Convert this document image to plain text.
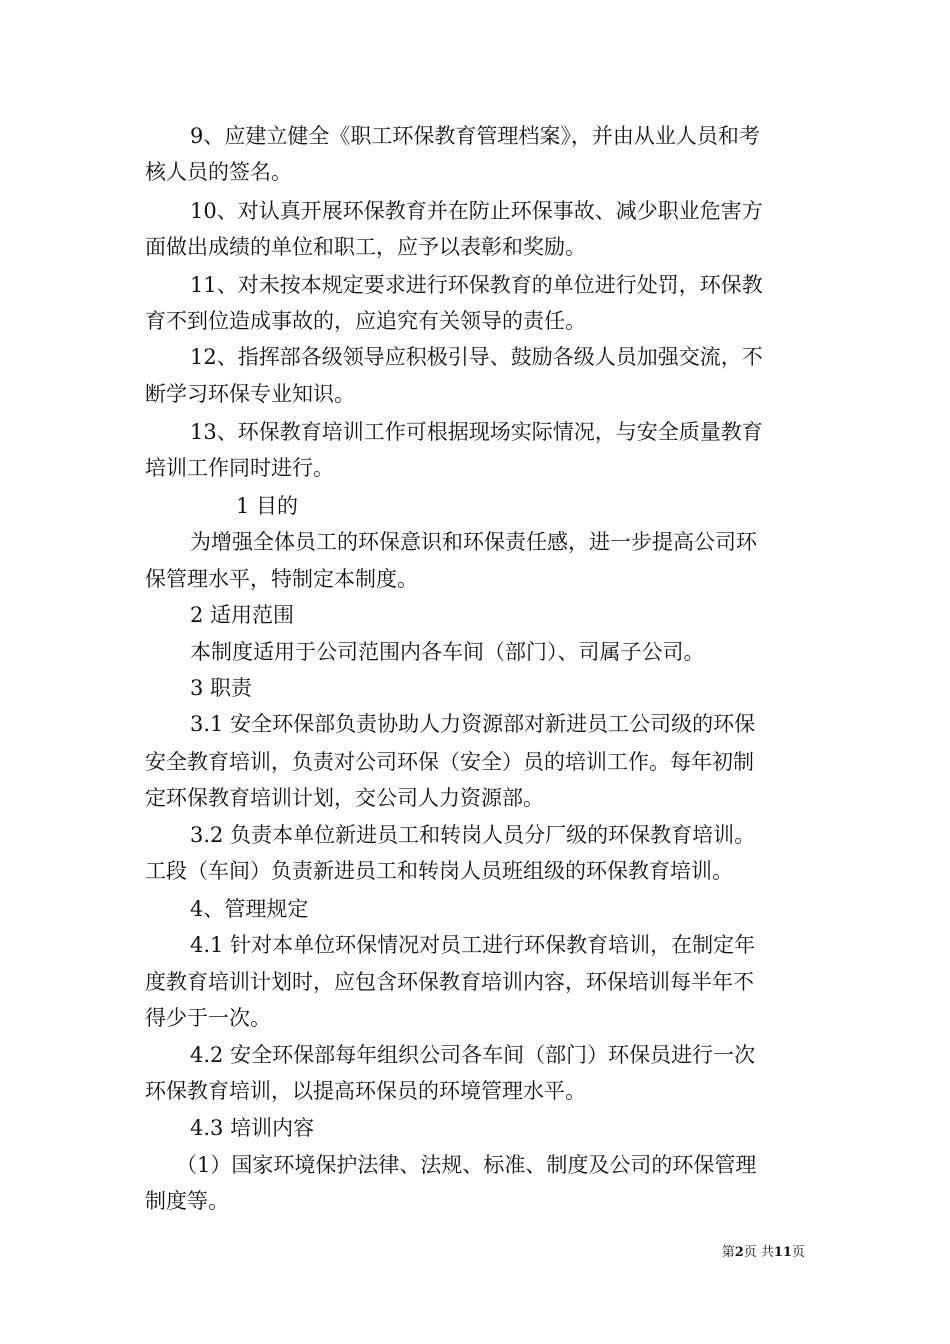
9、应建立健全《职工环保教育管理档案》，并由从业人员和考
核人员的签名。
10、对认真开展环保教育并在防止环保事故、减少职业危害方
面做出成绩的单位和职工，应予以表彰和奖励。
11、对未按本规定要求进行环保教育的单位进行处罚，环保教
育不到位造成事故的，应追究有关领导的责任。
12、指挥部各级领导应积极引导、鼓励各级人员加强交流，不
断学习环保专业知识。
13、环保教育培训工作可根据现场实际情况，与安全质量教育
培训工作同时进行。
1 目的
为增强全体员工的环保意识和环保责任感，进一步提高公司环
保管理水平，特制定本制度。
2 适用范围
本制度适用于公司范围内各车间（部门）、司属子公司。
3 职责
3.1 安全环保部负责协助人力资源部对新进员工公司级的环保
安全教育培训，负责对公司环保（安全）员的培训工作。每年初制
定环保教育培训计划，交公司人力资源部。
3.2 负责本单位新进员工和转岗人员分厂级的环保教育培训。
工段（车间）负责新进员工和转岗人员班组级的环保教育培训。
4、管理规定
4.1 针对本单位环保情况对员工进行环保教育培训，在制定年
度教育培训计划时，应包含环保教育培训内容，环保培训每半年不
得少于一次。
4.2 安全环保部每年组织公司各车间（部门）环保员进行一次
环保教育培训，以提高环保员的环境管理水平。
4.3 培训内容
（1）国家环境保护法律、法规、标准、制度及公司的环保管理
制度等。
第2页 共11页
